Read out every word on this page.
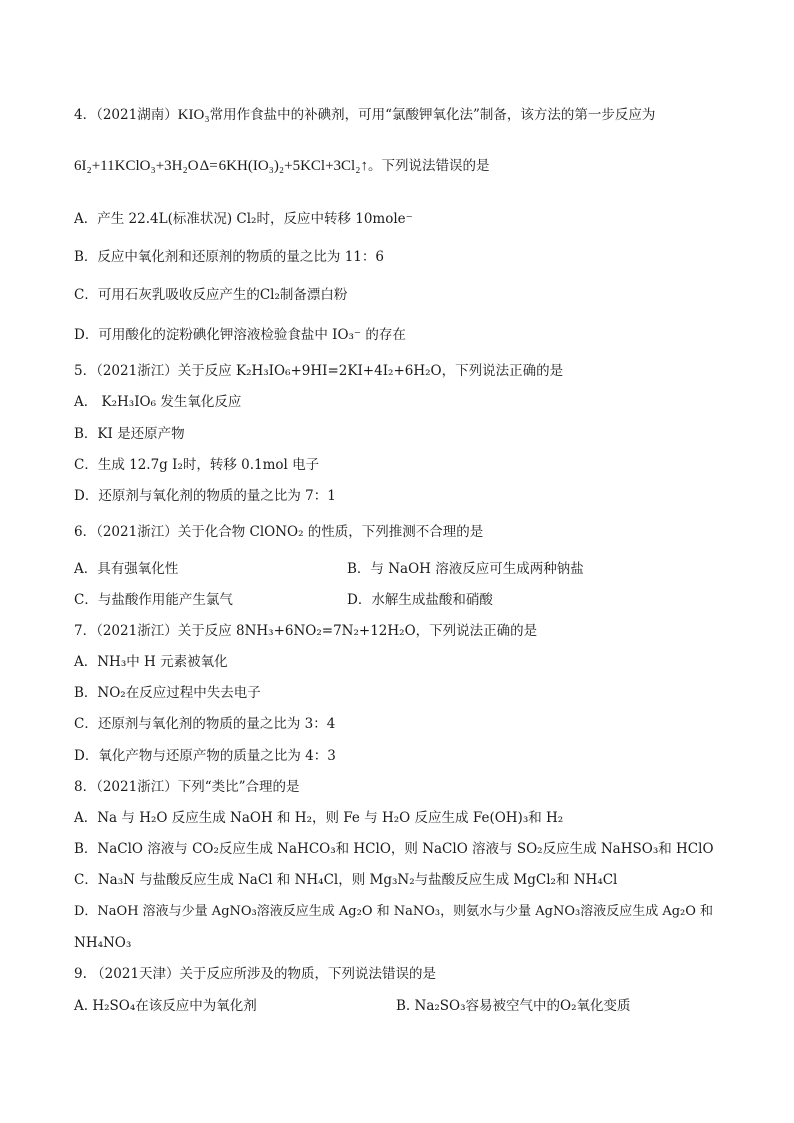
4．（2021湖南）KIO₃常用作食盐中的补碘剂，可用“氯酸钾氧化法”制备，该方法的第一步反应为
6I₂+11KClO₃+3H₂OΔ=6KH(IO₃)₂+5KCl+3Cl₂↑。下列说法错误的是
A．产生 22.4L(标准状况) Cl₂时，反应中转移 10mole⁻
B．反应中氧化剂和还原剂的物质的量之比为 11：6
C．可用石灰乳吸收反应产生的Cl₂制备漂白粉
D．可用酸化的淀粉碘化钾溶液检验食盐中 IO₃⁻ 的存在
5．（2021浙江）关于反应 K₂H₃IO₆+9HI=2KI+4I₂+6H₂O，下列说法正确的是
A． K₂H₃IO₆ 发生氧化反应
B．KI 是还原产物
C．生成 12.7g I₂时，转移 0.1mol 电子
D．还原剂与氧化剂的物质的量之比为 7：1
6．（2021浙江）关于化合物 ClONO₂ 的性质，下列推测不合理的是
A．具有强氧化性	B．与 NaOH 溶液反应可生成两种钠盐
C．与盐酸作用能产生氯气	D．水解生成盐酸和硝酸
7．（2021浙江）关于反应 8NH₃+6NO₂=7N₂+12H₂O，下列说法正确的是
A．NH₃中 H 元素被氧化
B．NO₂在反应过程中失去电子
C．还原剂与氧化剂的物质的量之比为 3：4
D．氧化产物与还原产物的质量之比为 4：3
8．（2021浙江）下列“类比”合理的是
A．Na 与 H₂O 反应生成 NaOH 和 H₂，则 Fe 与 H₂O 反应生成 Fe(OH)₃和 H₂
B．NaClO 溶液与 CO₂反应生成 NaHCO₃和 HClO，则 NaClO 溶液与 SO₂反应生成 NaHSO₃和 HClO
C．Na₃N 与盐酸反应生成 NaCl 和 NH₄Cl，则 Mg₃N₂与盐酸反应生成 MgCl₂和 NH₄Cl
D．NaOH 溶液与少量 AgNO₃溶液反应生成 Ag₂O 和 NaNO₃，则氨水与少量 AgNO₃溶液反应生成 Ag₂O 和
NH₄NO₃
9. （2021天津）关于反应所涉及的物质，下列说法错误的是
A. H₂SO₄在该反应中为氧化剂	B. Na₂SO₃容易被空气中的O₂氧化变质
